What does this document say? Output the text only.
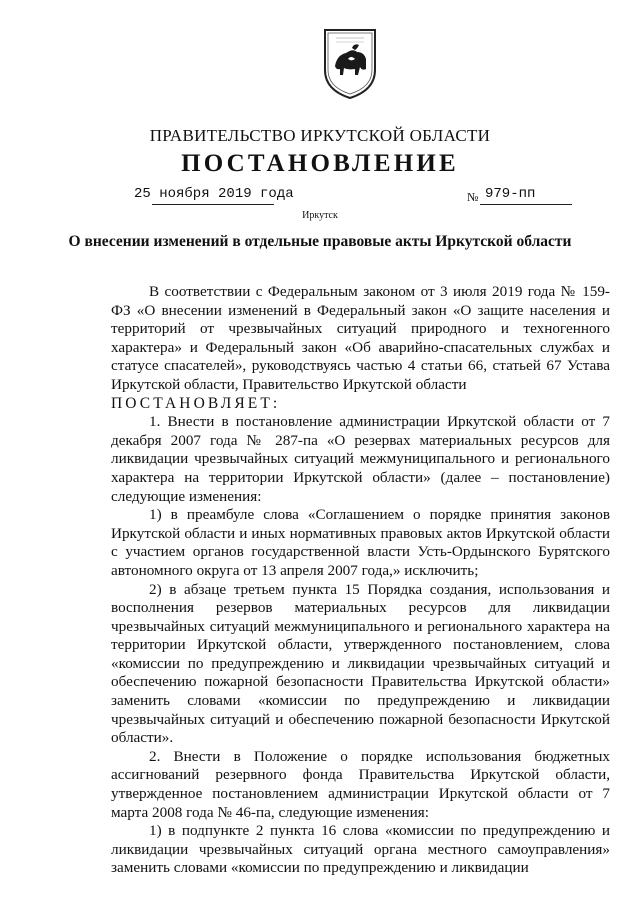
ПРАВИТЕЛЬСТВО ИРКУТСКОЙ ОБЛАСТИ
ПОСТАНОВЛЕНИЕ
25 ноября 2019 года	№ 979-пп
Иркутск
О внесении изменений в отдельные правовые акты Иркутской области

В соответствии с Федеральным законом от 3 июля 2019 года № 159-ФЗ «О внесении изменений в Федеральный закон «О защите населения и территорий от чрезвычайных ситуаций природного и техногенного характера» и Федеральный закон «Об аварийно-спасательных службах и статусе спасателей», руководствуясь частью 4 статьи 66, статьей 67 Устава Иркутской области, Правительство Иркутской области

ПОСТАНОВЛЯЕТ:

1. Внести в постановление администрации Иркутской области от 7 декабря 2007 года № 287-па «О резервах материальных ресурсов для ликвидации чрезвычайных ситуаций межмуниципального и регионального характера на территории Иркутской области» (далее – постановление) следующие изменения:

1) в преамбуле слова «Соглашением о порядке принятия законов Иркутской области и иных нормативных правовых актов Иркутской области с участием органов государственной власти Усть-Ордынского Бурятского автономного округа от 13 апреля 2007 года,» исключить;

2) в абзаце третьем пункта 15 Порядка создания, использования и восполнения резервов материальных ресурсов для ликвидации чрезвычайных ситуаций межмуниципального и регионального характера на территории Иркутской области, утвержденного постановлением, слова «комиссии по предупреждению и ликвидации чрезвычайных ситуаций и обеспечению пожарной безопасности Правительства Иркутской области» заменить словами «комиссии по предупреждению и ликвидации чрезвычайных ситуаций и обеспечению пожарной безопасности Иркутской области».

2. Внести в Положение о порядке использования бюджетных ассигнований резервного фонда Правительства Иркутской области, утвержденное постановлением администрации Иркутской области от 7 марта 2008 года № 46-па, следующие изменения:

1) в подпункте 2 пункта 16 слова «комиссии по предупреждению и ликвидации чрезвычайных ситуаций органа местного самоуправления» заменить словами «комиссии по предупреждению и ликвидации
